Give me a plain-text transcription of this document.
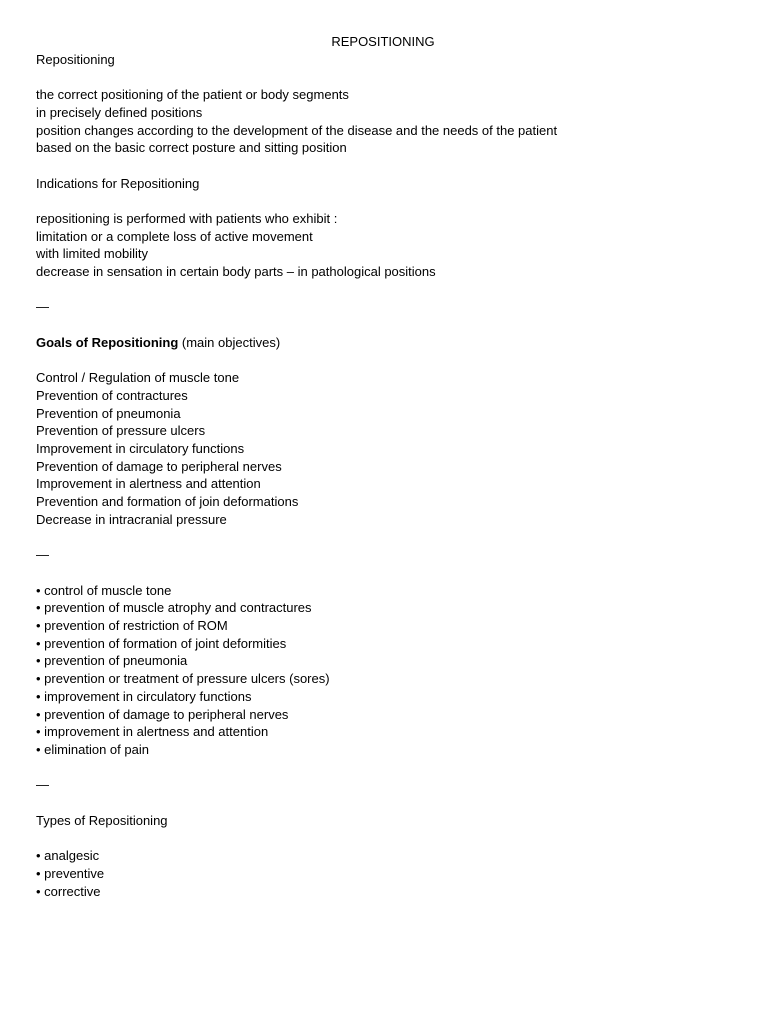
REPOSITIONING
Repositioning
the correct positioning of the patient or body segments
in precisely defined positions
position changes according to the development of the disease and the needs of the patient
based on the basic correct posture and sitting position
Indications for Repositioning
repositioning is performed with patients who exhibit :
limitation or a complete loss of active movement
with limited mobility
decrease in sensation in certain body parts – in pathological positions
—
Goals of Repositioning (main objectives)
Control / Regulation of muscle tone
Prevention of contractures
Prevention of pneumonia
Prevention of pressure ulcers
Improvement in circulatory functions
Prevention of damage to peripheral nerves
Improvement in alertness and attention
Prevention and formation of join deformations
Decrease in intracranial pressure
—
• control of muscle tone
• prevention of muscle atrophy and contractures
• prevention of restriction of ROM
• prevention of formation of joint deformities
• prevention of pneumonia
• prevention or treatment of pressure ulcers (sores)
• improvement in circulatory functions
• prevention of damage to peripheral nerves
• improvement in alertness and attention
• elimination of pain
—
Types of Repositioning
• analgesic
• preventive
• corrective
